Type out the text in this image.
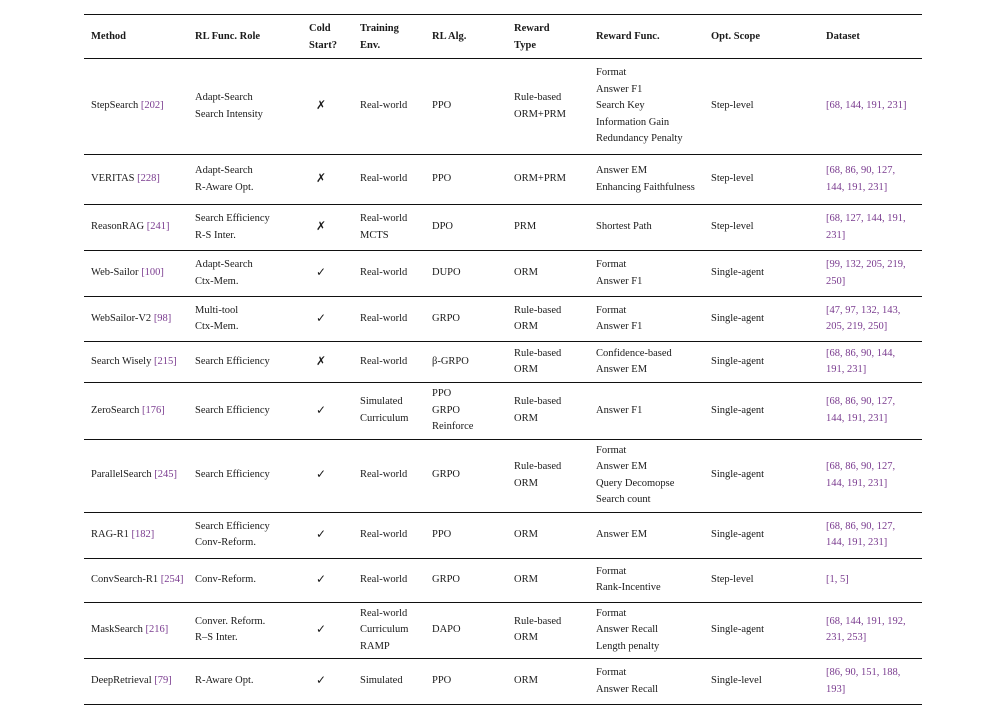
Method	RL Func. Role	Cold Start?	Training Env.	RL Alg.	Reward Type	Reward Func.	Opt. Scope	Dataset
StepSearch [202]	Adapt-Search
Search Intensity	✗	Real-world	PPO	Rule-based
ORM+PRM	Format
Answer F1
Search Key
Information Gain
Redundancy Penalty	Step-level	[68, 144, 191, 231]

VERITAS [228]	Adapt-Search
R-Aware Opt.	✗	Real-world	PPO	ORM+PRM	Answer EM
Enhancing Faithfulness	Step-level	[68, 86, 90, 127,
144, 191, 231]

ReasonRAG [241]	Search Efficiency
R-S Inter.	✗	Real-world
MCTS	DPO	PRM	Shortest Path	Step-level	[68, 127, 144, 191,
231]

Web-Sailor [100]	Adapt-Search
Ctx-Mem.	✓	Real-world	DUPO	ORM	Format
Answer F1	Single-agent	[99, 132, 205, 219,
250]

WebSailor-V2 [98]	Multi-tool
Ctx-Mem.	✓	Real-world	GRPO	Rule-based
ORM	Format
Answer F1	Single-agent	[47, 97, 132, 143,
205, 219, 250]

Search Wisely [215]	Search Efficiency	✗	Real-world	β-GRPO	Rule-based
ORM	Confidence-based
Answer EM	Single-agent	[68, 86, 90, 144,
191, 231]

ZeroSearch [176]	Search Efficiency	✓	Simulated
Curriculum	PPO
GRPO
Reinforce	Rule-based
ORM	Answer F1	Single-agent	[68, 86, 90, 127,
144, 191, 231]

ParallelSearch [245]	Search Efficiency	✓	Real-world	GRPO	Rule-based
ORM	Format
Answer EM
Query Decomopse
Search count	Single-agent	[68, 86, 90, 127,
144, 191, 231]

RAG-R1 [182]	Search Efficiency
Conv-Reform.	✓	Real-world	PPO	ORM	Answer EM	Single-agent	[68, 86, 90, 127,
144, 191, 231]

ConvSearch-R1 [254]	Conv-Reform.	✓	Real-world	GRPO	ORM	Format
Rank-Incentive	Step-level	[1, 5]

MaskSearch [216]	Conver. Reform.
R–S Inter.	✓	Real-world
Curriculum
RAMP	DAPO	Rule-based
ORM	Format
Answer Recall
Length penalty	Single-agent	[68, 144, 191, 192,
231, 253]

DeepRetrieval [79]	R-Aware Opt.	✓	Simulated	PPO	ORM	Format
Answer Recall	Single-level	[86, 90, 151, 188,
193]
